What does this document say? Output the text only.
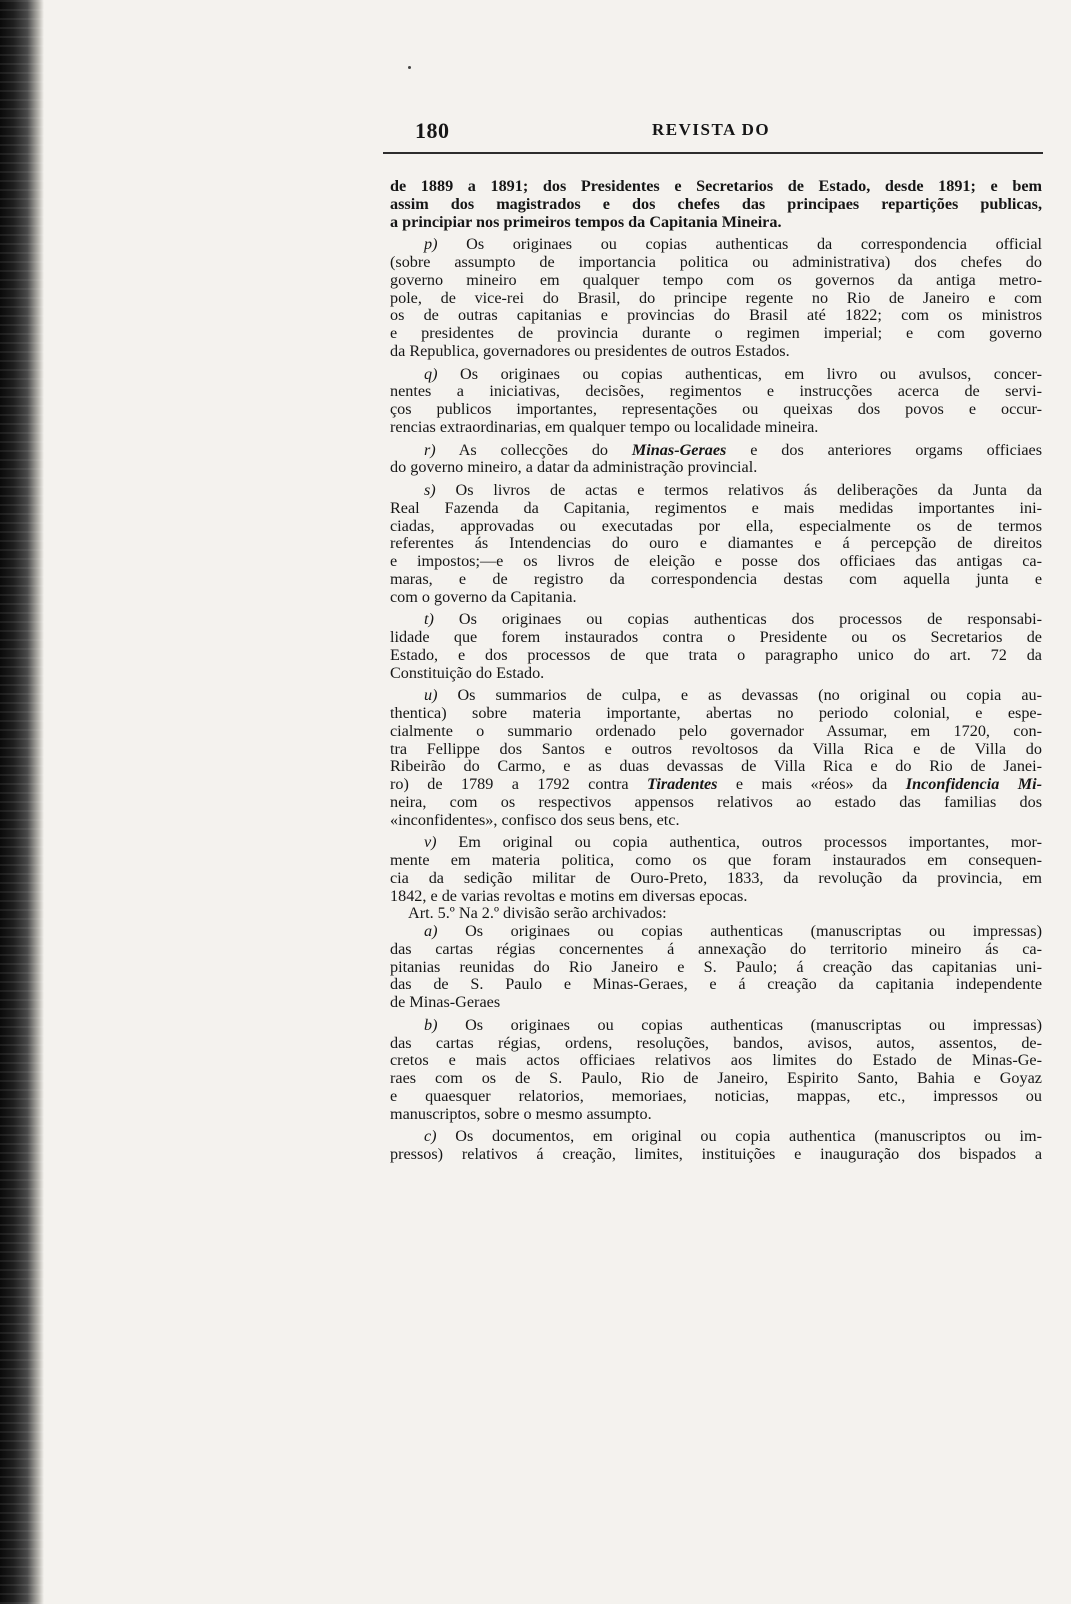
180	REVISTA DO
de 1889 a 1891; dos Presidentes e Secretarios de Estado, desde 1891; e bem
assim dos magistrados e dos chefes das principaes repartições publicas,
a principiar nos primeiros tempos da Capitania Mineira.
p) Os originaes ou copias authenticas da correspondencia official
(sobre assumpto de importancia politica ou administrativa) dos chefes do
governo mineiro em qualquer tempo com os governos da antiga metro-
pole, de vice-rei do Brasil, do principe regente no Rio de Janeiro e com
os de outras capitanias e provincias do Brasil até 1822; com os ministros
e presidentes de provincia durante o regimen imperial; e com governo
da Republica, governadores ou presidentes de outros Estados.
q) Os originaes ou copias authenticas, em livro ou avulsos, concer-
nentes a iniciativas, decisões, regimentos e instrucções acerca de servi-
ços publicos importantes, representações ou queixas dos povos e occur-
rencias extraordinarias, em qualquer tempo ou localidade mineira.
r) As collecções do Minas-Geraes e dos anteriores orgams officiaes
do governo mineiro, a datar da administração provincial.
s) Os livros de actas e termos relativos ás deliberações da Junta da
Real Fazenda da Capitania, regimentos e mais medidas importantes ini-
ciadas, approvadas ou executadas por ella, especialmente os de termos
referentes ás Intendencias do ouro e diamantes e á percepção de direitos
e impostos;—e os livros de eleição e posse dos officiaes das antigas ca-
maras, e de registro da correspondencia destas com aquella junta e
com o governo da Capitania.
t) Os originaes ou copias authenticas dos processos de responsabi-
lidade que forem instaurados contra o Presidente ou os Secretarios de
Estado, e dos processos de que trata o paragrapho unico do art. 72 da
Constituição do Estado.
u) Os summarios de culpa, e as devassas (no original ou copia au-
thentica) sobre materia importante, abertas no periodo colonial, e espe-
cialmente o summario ordenado pelo governador Assumar, em 1720, con-
tra Fellippe dos Santos e outros revoltosos da Villa Rica e de Villa do
Ribeirão do Carmo, e as duas devassas de Villa Rica e do Rio de Janei-
ro) de 1789 a 1792 contra Tiradentes e mais «réos» da Inconfidencia Mi-
neira, com os respectivos appensos relativos ao estado das familias dos
«inconfidentes», confisco dos seus bens, etc.
v) Em original ou copia authentica, outros processos importantes, mor-
mente em materia politica, como os que foram instaurados em consequen-
cia da sedição militar de Ouro-Preto, 1833, da revolução da provincia, em
1842, e de varias revoltas e motins em diversas epocas.
Art. 5.º Na 2.º divisão serão archivados:
a) Os originaes ou copias authenticas (manuscriptas ou impressas)
das cartas régias concernentes á annexação do territorio mineiro ás ca-
pitanias reunidas do Rio Janeiro e S. Paulo; á creação das capitanias uni-
das de S. Paulo e Minas-Geraes, e á creação da capitania independente
de Minas-Geraes
b) Os originaes ou copias authenticas (manuscriptas ou impressas)
das cartas régias, ordens, resoluções, bandos, avisos, autos, assentos, de-
cretos e mais actos officiaes relativos aos limites do Estado de Minas-Ge-
raes com os de S. Paulo, Rio de Janeiro, Espirito Santo, Bahia e Goyaz
e quaesquer relatorios, memoriaes, noticias, mappas, etc., impressos ou
manuscriptos, sobre o mesmo assumpto.
c) Os documentos, em original ou copia authentica (manuscriptos ou im-
pressos) relativos á creação, limites, instituições e inauguração dos bispados a
